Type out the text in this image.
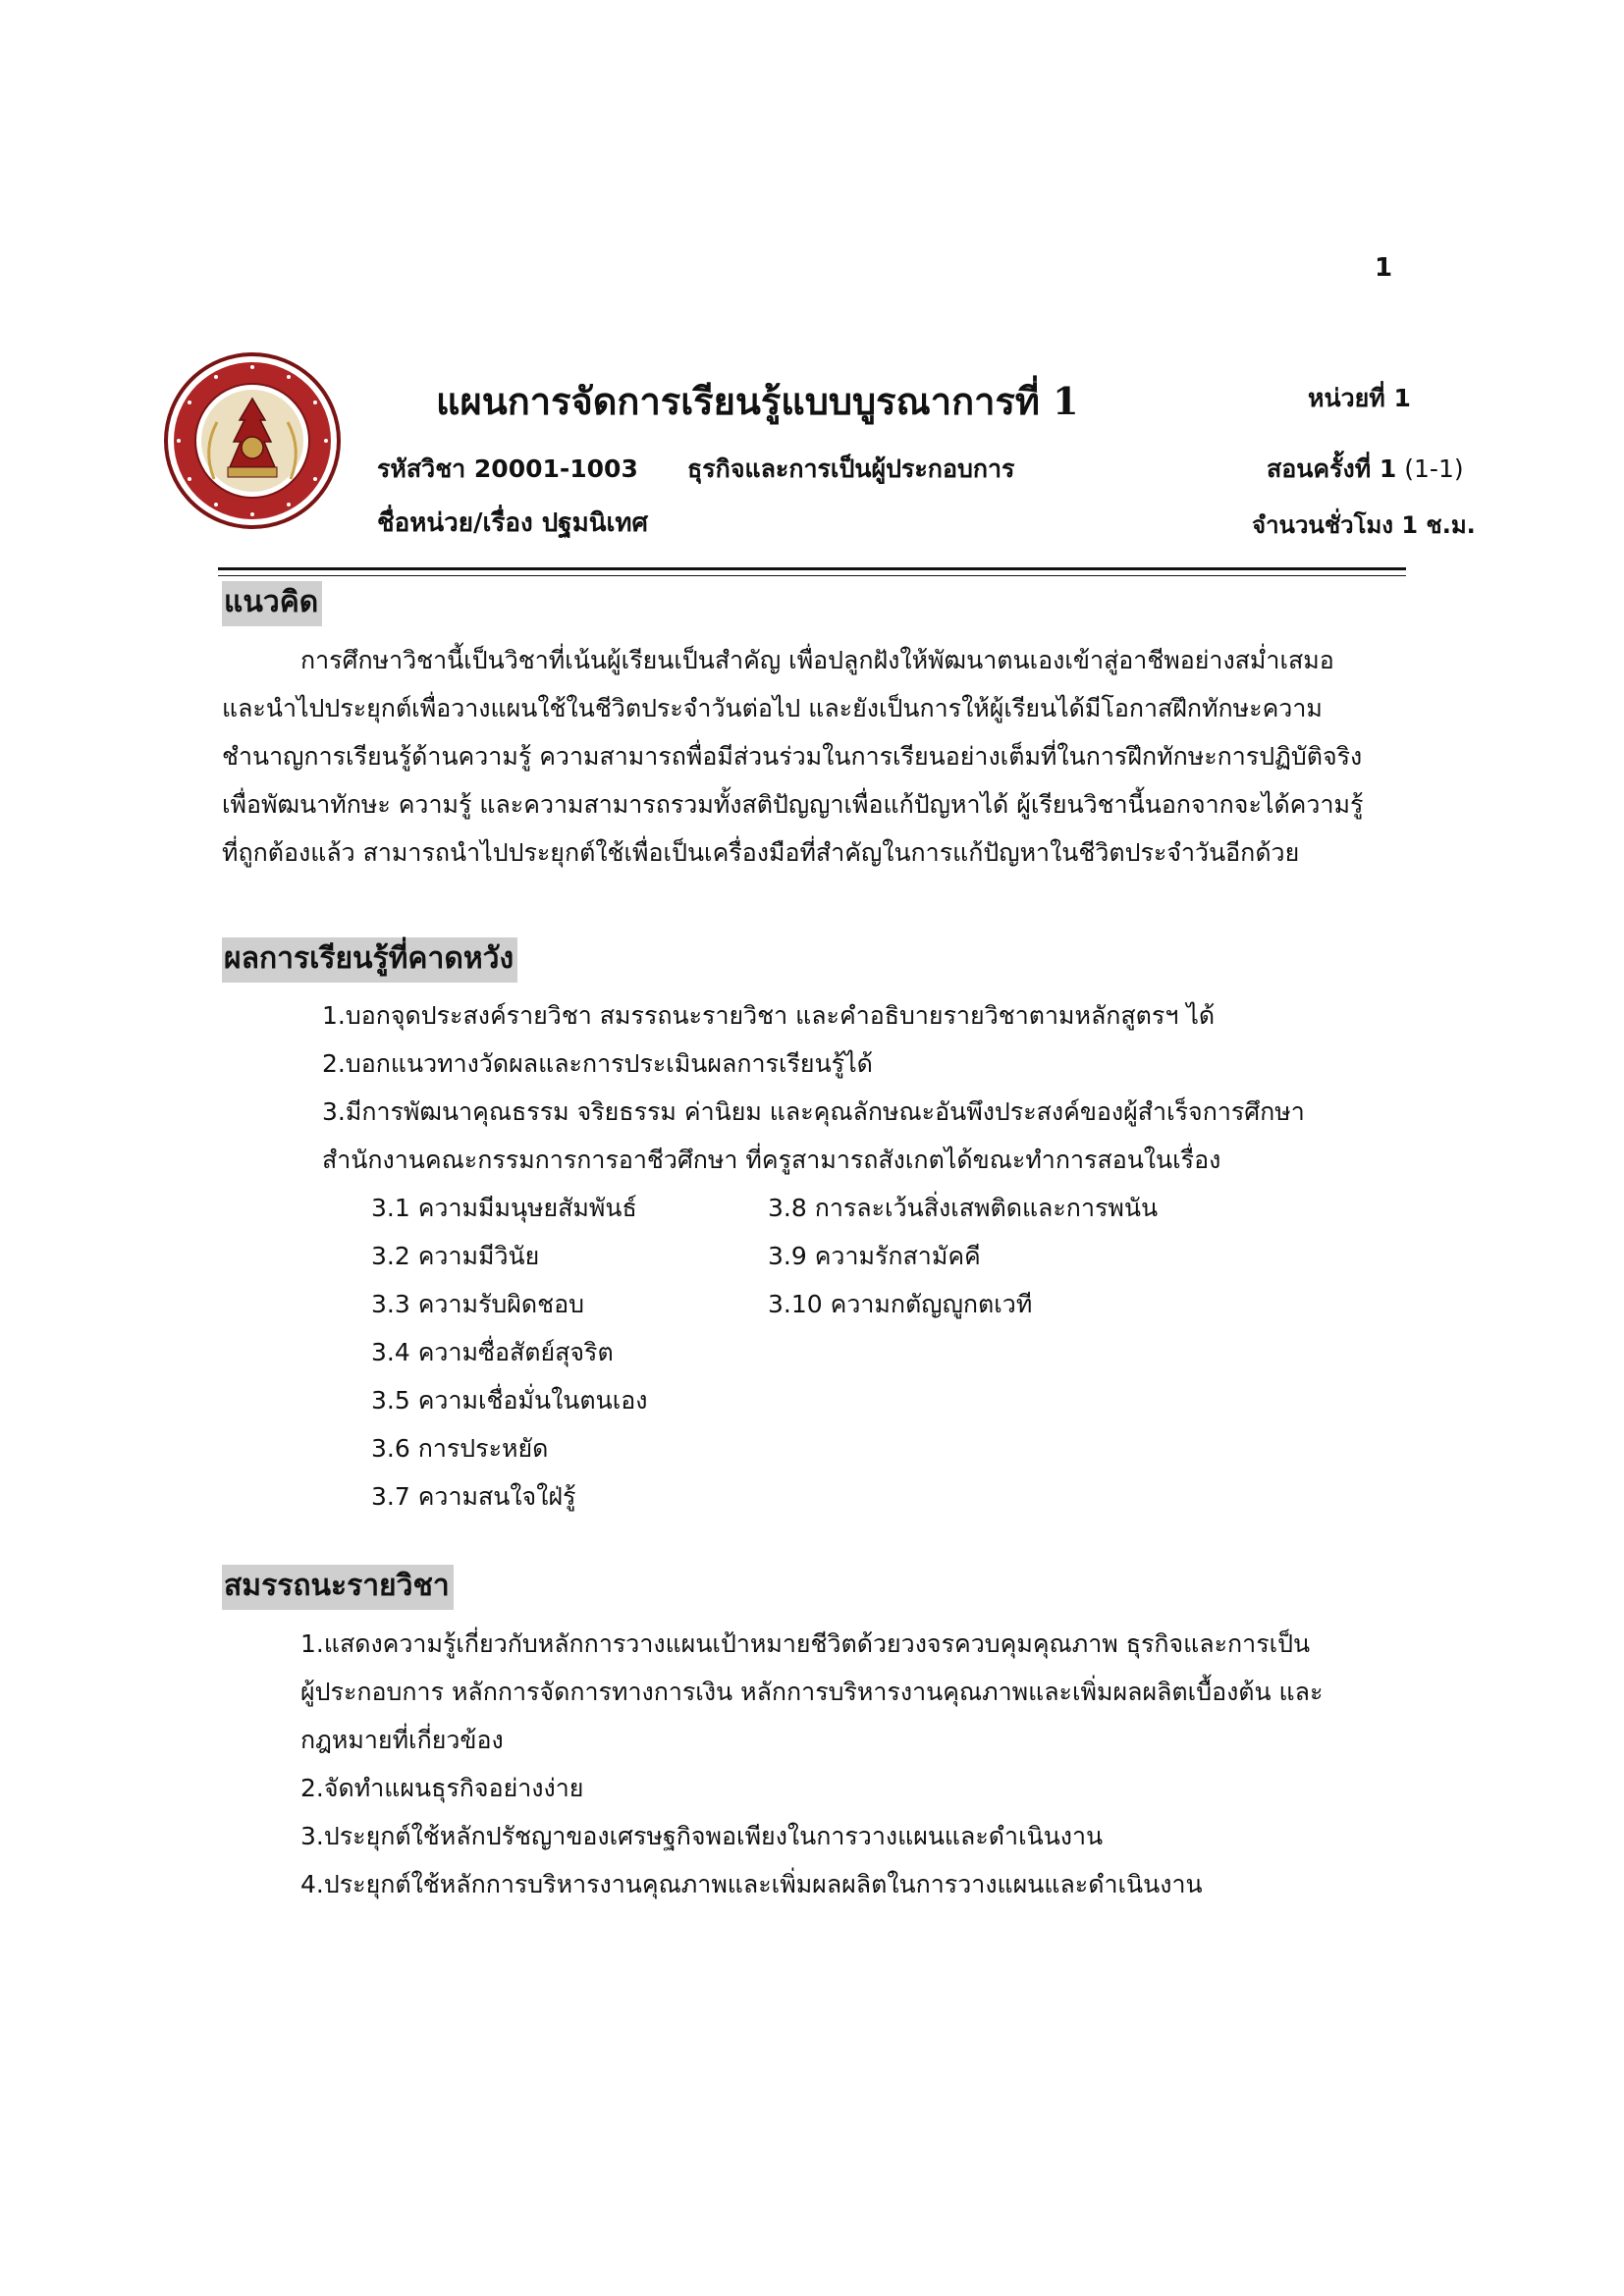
1
แผนการจัดการเรียนรู้แบบบูรณาการที่ 1	หน่วยที่ 1
รหัสวิชา 20001-1003 ธุรกิจและการเป็นผู้ประกอบการ	สอนครั้งที่ 1 (1-1)
ชื่อหน่วย/เรื่อง ปฐมนิเทศ	จำนวนชั่วโมง 1 ช.ม.
แนวคิด
การศึกษาวิชานี้เป็นวิชาที่เน้นผู้เรียนเป็นสำคัญ เพื่อปลูกฝังให้พัฒนาตนเองเข้าสู่อาชีพอย่างสม่ำเสมอ
และนำไปประยุกต์เพื่อวางแผนใช้ในชีวิตประจำวันต่อไป และยังเป็นการให้ผู้เรียนได้มีโอกาสฝึกทักษะความ
ชำนาญการเรียนรู้ด้านความรู้ ความสามารถพื่อมีส่วนร่วมในการเรียนอย่างเต็มที่ในการฝึกทักษะการปฏิบัติจริง
เพื่อพัฒนาทักษะ ความรู้ และความสามารถรวมทั้งสติปัญญาเพื่อแก้ปัญหาได้ ผู้เรียนวิชานี้นอกจากจะได้ความรู้
ที่ถูกต้องแล้ว สามารถนำไปประยุกต์ใช้เพื่อเป็นเครื่องมือที่สำคัญในการแก้ปัญหาในชีวิตประจำวันอีกด้วย
ผลการเรียนรู้ที่คาดหวัง
1.บอกจุดประสงค์รายวิชา สมรรถนะรายวิชา และคำอธิบายรายวิชาตามหลักสูตรฯ ได้
2.บอกแนวทางวัดผลและการประเมินผลการเรียนรู้ได้
3.มีการพัฒนาคุณธรรม จริยธรรม ค่านิยม และคุณลักษณะอันพึงประสงค์ของผู้สำเร็จการศึกษา
สำนักงานคณะกรรมการการอาชีวศึกษา ที่ครูสามารถสังเกตได้ขณะทำการสอนในเรื่อง
3.1 ความมีมนุษยสัมพันธ์
3.2 ความมีวินัย
3.3 ความรับผิดชอบ
3.4 ความซื่อสัตย์สุจริต
3.5 ความเชื่อมั่นในตนเอง
3.6 การประหยัด
3.7 ความสนใจใฝ่รู้
3.8 การละเว้นสิ่งเสพติดและการพนัน
3.9 ความรักสามัคคี
3.10 ความกตัญญูกตเวที
สมรรถนะรายวิชา
1.แสดงความรู้เกี่ยวกับหลักการวางแผนเป้าหมายชีวิตด้วยวงจรควบคุมคุณภาพ ธุรกิจและการเป็น
ผู้ประกอบการ หลักการจัดการทางการเงิน หลักการบริหารงานคุณภาพและเพิ่มผลผลิตเบื้องต้น และ
กฎหมายที่เกี่ยวข้อง
2.จัดทำแผนธุรกิจอย่างง่าย
3.ประยุกต์ใช้หลักปรัชญาของเศรษฐกิจพอเพียงในการวางแผนและดำเนินงาน
4.ประยุกต์ใช้หลักการบริหารงานคุณภาพและเพิ่มผลผลิตในการวางแผนและดำเนินงาน
